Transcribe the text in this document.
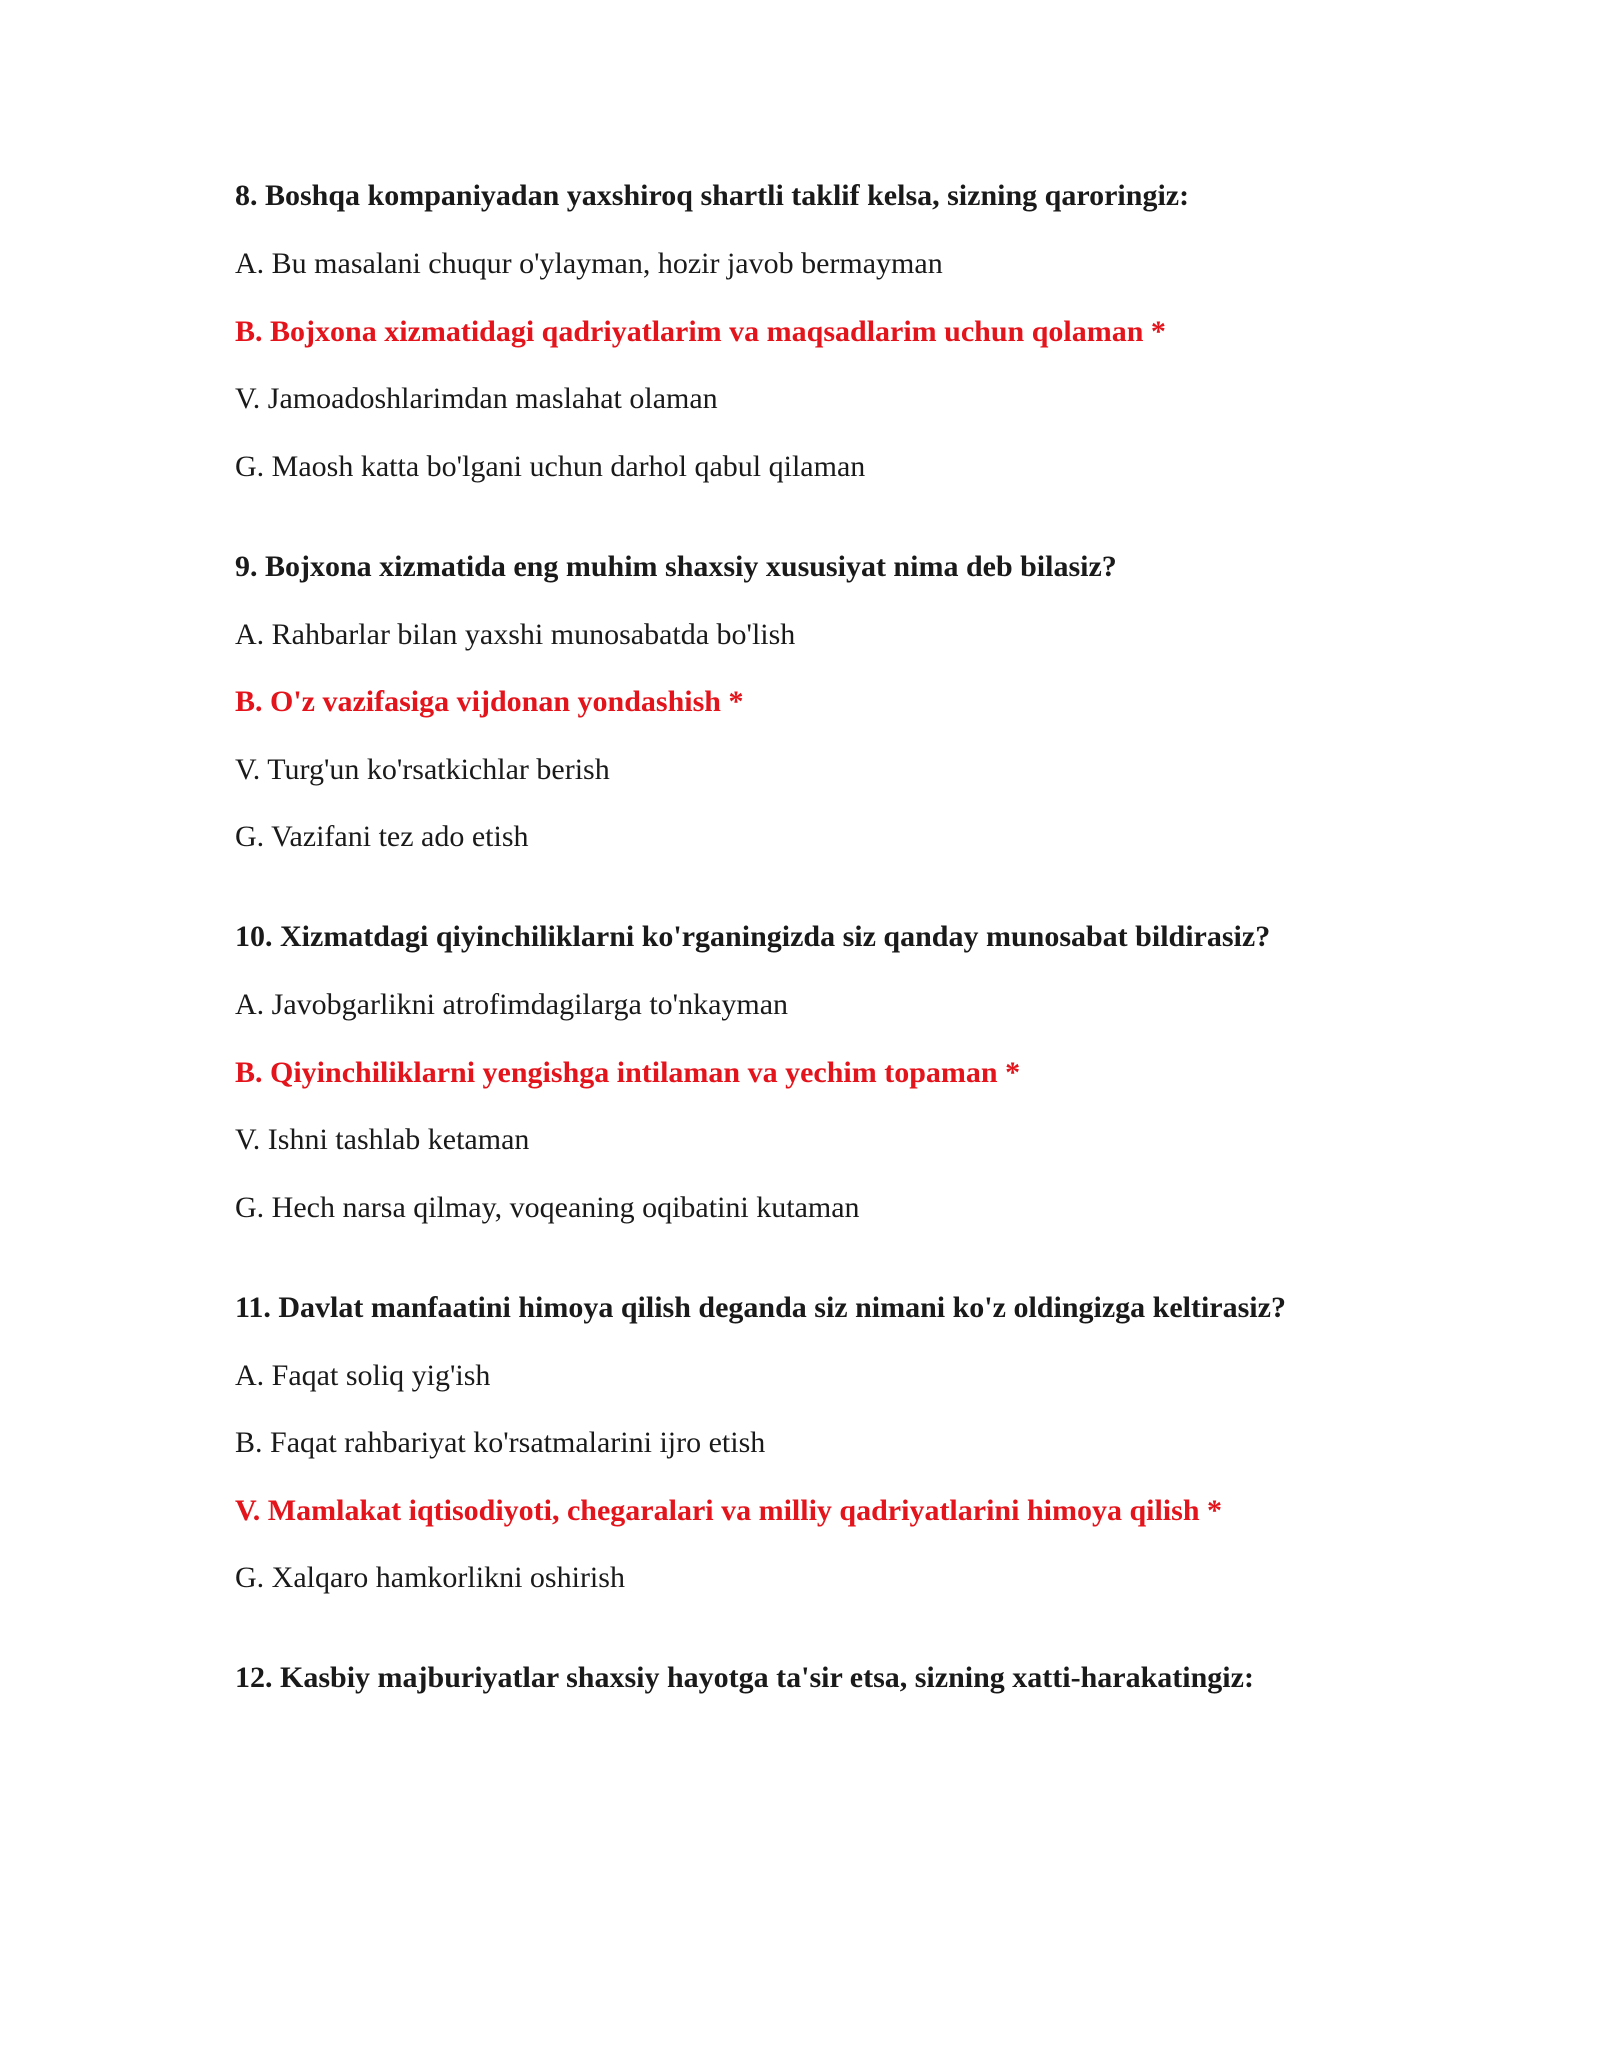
8. Boshqa kompaniyadan yaxshiroq shartli taklif kelsa, sizning qaroringiz:
A. Bu masalani chuqur o'ylayman, hozir javob bermayman
B. Bojxona xizmatidagi qadriyatlarim va maqsadlarim uchun qolaman *
V. Jamoadoshlarimdan maslahat olaman
G. Maosh katta bo'lgani uchun darhol qabul qilaman
9. Bojxona xizmatida eng muhim shaxsiy xususiyat nima deb bilasiz?
A. Rahbarlar bilan yaxshi munosabatda bo'lish
B. O'z vazifasiga vijdonan yondashish *
V. Turg'un ko'rsatkichlar berish
G. Vazifani tez ado etish
10. Xizmatdagi qiyinchiliklarni ko'rganingizda siz qanday munosabat bildirasiz?
A. Javobgarlikni atrofimdagilarga to'nkayman
B. Qiyinchiliklarni yengishga intilaman va yechim topaman *
V. Ishni tashlab ketaman
G. Hech narsa qilmay, voqeaning oqibatini kutaman
11. Davlat manfaatini himoya qilish deganda siz nimani ko'z oldingizga keltirasiz?
A. Faqat soliq yig'ish
B. Faqat rahbariyat ko'rsatmalarini ijro etish
V. Mamlakat iqtisodiyoti, chegaralari va milliy qadriyatlarini himoya qilish *
G. Xalqaro hamkorlikni oshirish
12. Kasbiy majburiyatlar shaxsiy hayotga ta'sir etsa, sizning xatti-harakatingiz:
